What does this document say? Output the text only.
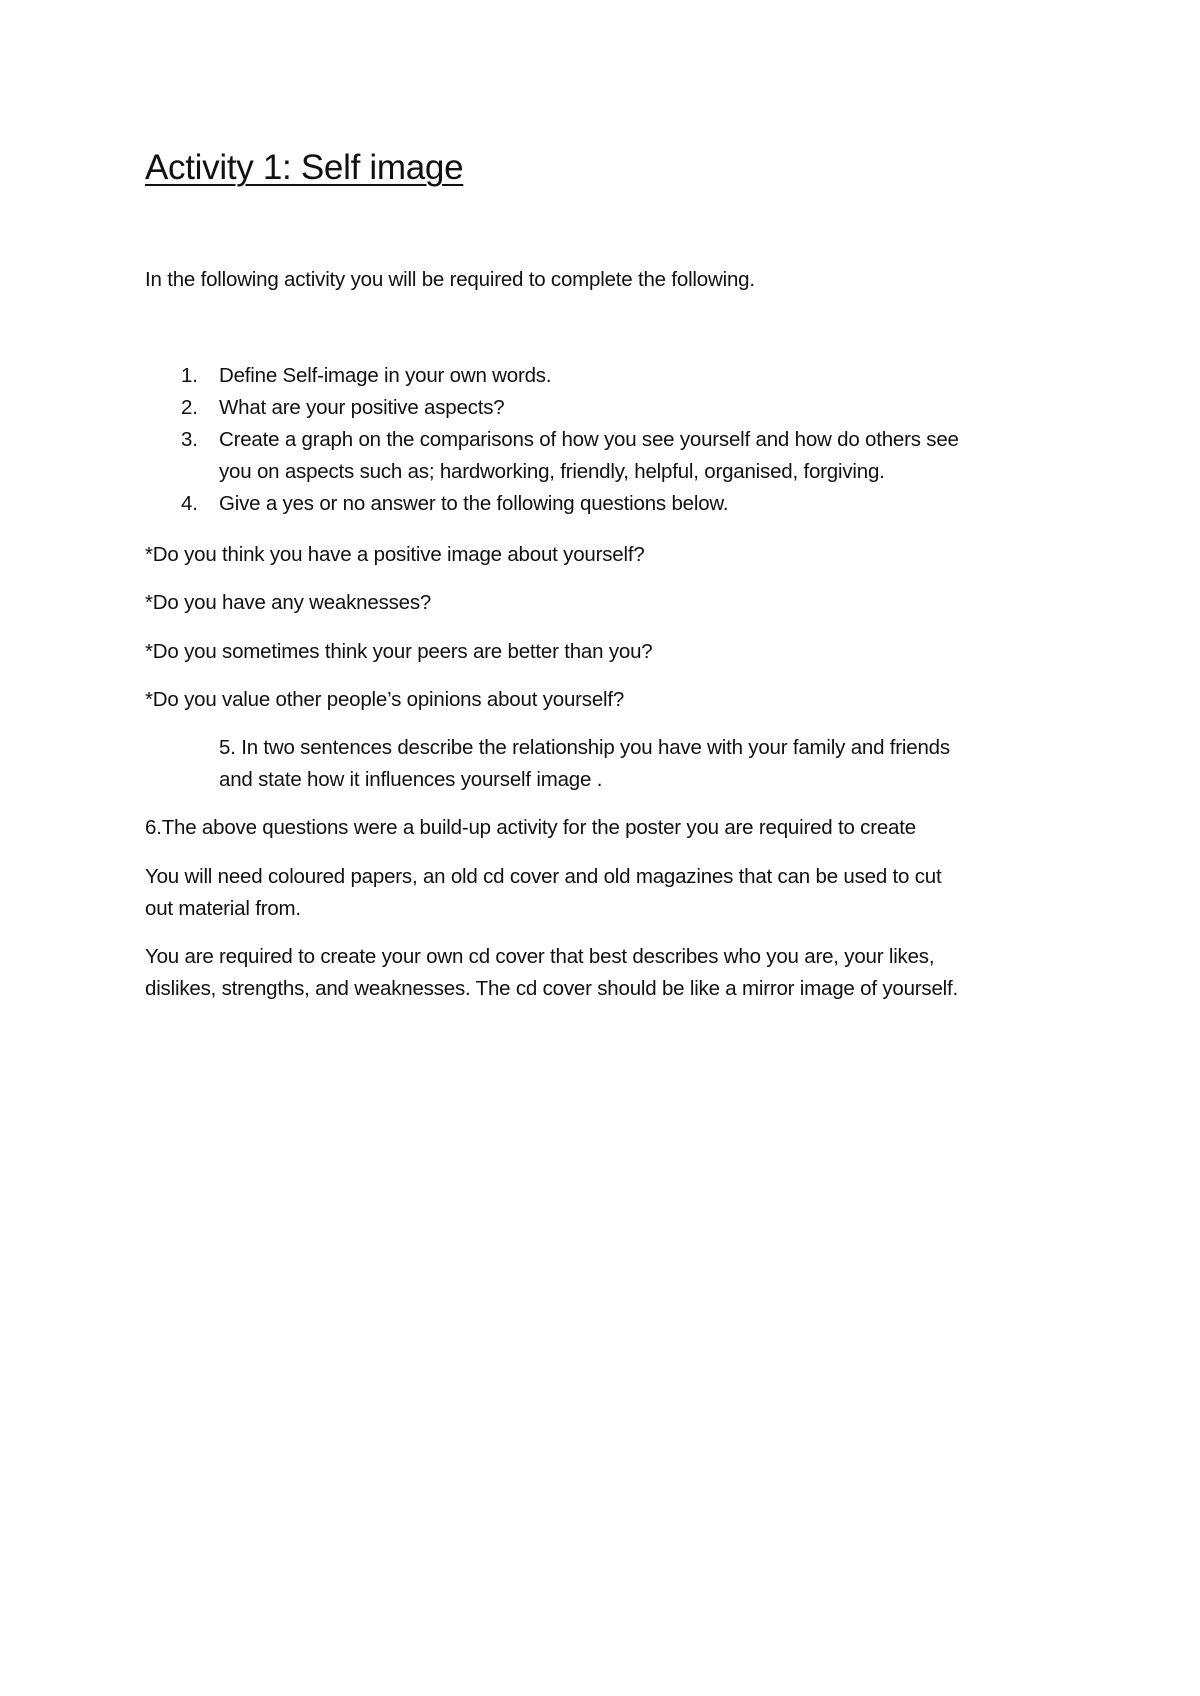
Activity 1: Self image

In the following activity you will be required to complete the following.

1. Define Self-image in your own words.
2. What are your positive aspects?
3. Create a graph on the comparisons of how you see yourself and how do others see
you on aspects such as; hardworking, friendly, helpful, organised, forgiving.
4. Give a yes or no answer to the following questions below.

*Do you think you have a positive image about yourself?

*Do you have any weaknesses?

*Do you sometimes think your peers are better than you?

*Do you value other people’s opinions about yourself?

5. In two sentences describe the relationship you have with your family and friends

and state how it influences yourself image .

6.The above questions were a build-up activity for the poster you are required to create

You will need coloured papers, an old cd cover and old magazines that can be used to cut

out material from.

You are required to create your own cd cover that best describes who you are, your likes,

dislikes, strengths, and weaknesses. The cd cover should be like a mirror image of yourself.
